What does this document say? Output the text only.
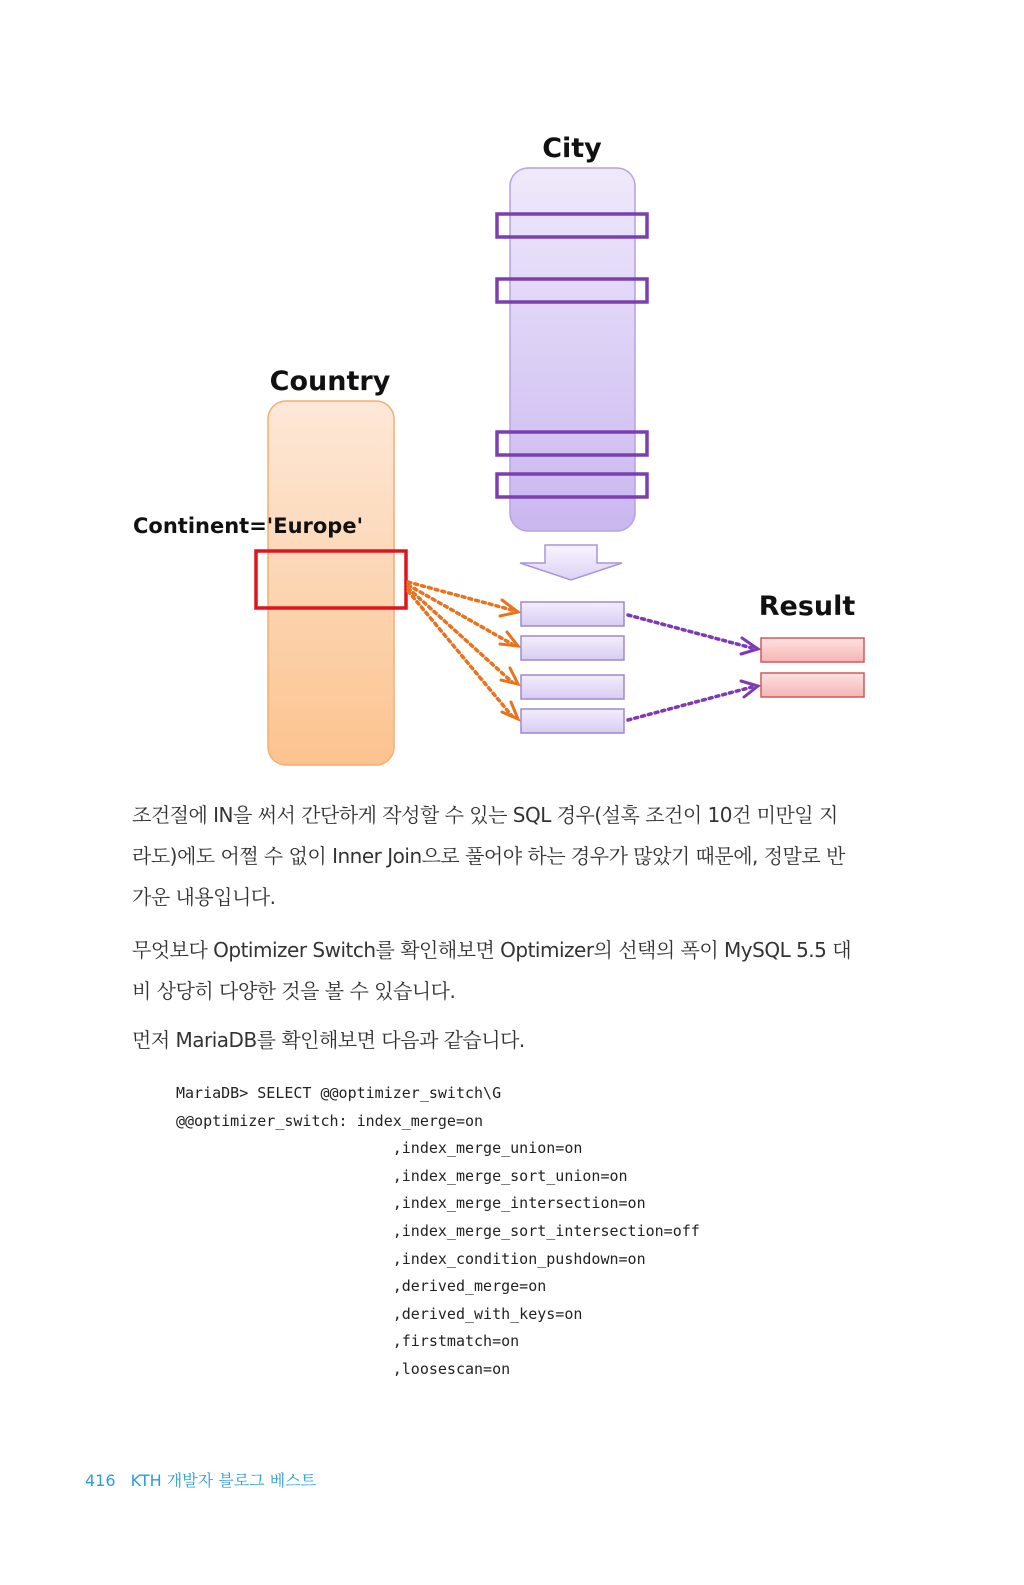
City
Country
Continent='Europe'
Result
조건절에 IN을 써서 간단하게 작성할 수 있는 SQL 경우(설혹 조건이 10건 미만일 지
라도)에도 어쩔 수 없이 Inner Join으로 풀어야 하는 경우가 많았기 때문에, 정말로 반
가운 내용입니다.
무엇보다 Optimizer Switch를 확인해보면 Optimizer의 선택의 폭이 MySQL 5.5 대
비 상당히 다양한 것을 볼 수 있습니다.
먼저 MariaDB를 확인해보면 다음과 같습니다.
MariaDB> SELECT @@optimizer_switch\G
@@optimizer_switch: index_merge=on
,index_merge_union=on
,index_merge_sort_union=on
,index_merge_intersection=on
,index_merge_sort_intersection=off
,index_condition_pushdown=on
,derived_merge=on
,derived_with_keys=on
,firstmatch=on
,loosescan=on
416 KTH 개발자 블로그 베스트
